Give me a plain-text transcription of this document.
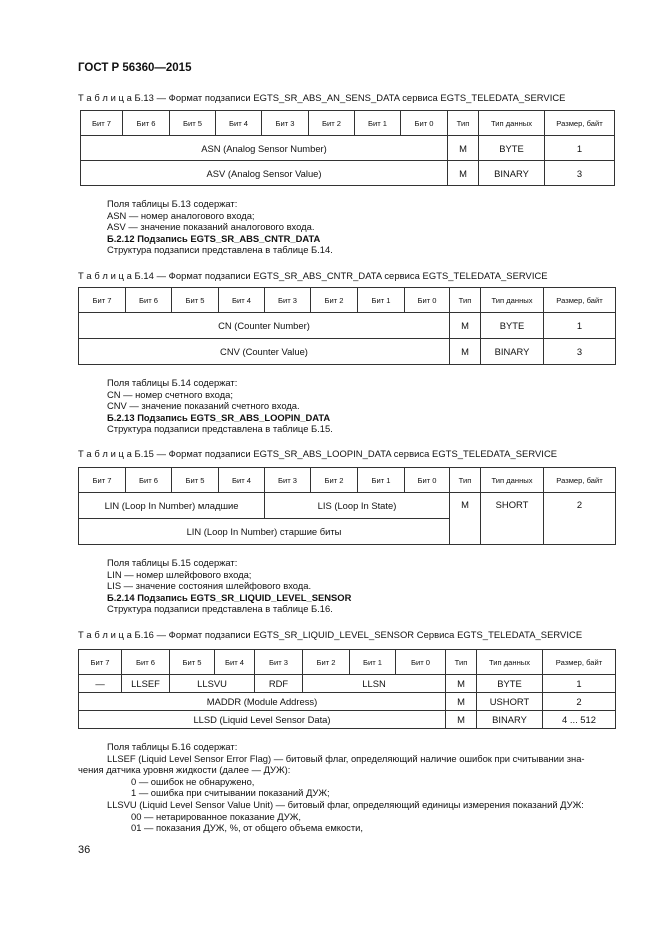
ГОСТ Р 56360—2015
Т а б л и ц а Б.13 — Формат подзаписи EGTS_SR_ABS_AN_SENS_DATA сервиса EGTS_TELEDATA_SERVICE
Бит 7	Бит 6	Бит 5	Бит 4	Бит 3	Бит 2	Бит 1	Бит 0	Тип	Тип данных	Размер, байт
ASN (Analog Sensor Number)								M	BYTE	1
ASV (Analog Sensor Value)								M	BINARY	3
Поля таблицы Б.13 содержат:
ASN — номер аналогового входа;
ASV — значение показаний аналогового входа.
Б.2.12 Подзапись EGTS_SR_ABS_CNTR_DATA
Структура подзаписи представлена в таблице Б.14.
Т а б л и ц а Б.14 — Формат подзаписи EGTS_SR_ABS_CNTR_DATA сервиса EGTS_TELEDATA_SERVICE
Бит 7	Бит 6	Бит 5	Бит 4	Бит 3	Бит 2	Бит 1	Бит 0	Тип	Тип данных	Размер, байт
CN (Counter Number)								M	BYTE	1
CNV (Counter Value)								M	BINARY	3
Поля таблицы Б.14 содержат:
CN — номер счетного входа;
CNV — значение показаний счетного входа.
Б.2.13 Подзапись EGTS_SR_ABS_LOOPIN_DATA
Структура подзаписи представлена в таблице Б.15.
Т а б л и ц а Б.15 — Формат подзаписи EGTS_SR_ABS_LOOPIN_DATA сервиса EGTS_TELEDATA_SERVICE
Бит 7	Бит 6	Бит 5	Бит 4	Бит 3	Бит 2	Бит 1	Бит 0	Тип	Тип данных	Размер, байт
LIN (Loop In Number) младшие				LIS (Loop In State)				M	SHORT	2
LIN (Loop In Number) старшие биты										
Поля таблицы Б.15 содержат:
LIN — номер шлейфового входа;
LIS — значение состояния шлейфового входа.
Б.2.14 Подзапись EGTS_SR_LIQUID_LEVEL_SENSOR
Структура подзаписи представлена в таблице Б.16.
Т а б л и ц а Б.16 — Формат подзаписи EGTS_SR_LIQUID_LEVEL_SENSOR Сервиса EGTS_TELEDATA_SERVICE
Бит 7	Бит 6	Бит 5	Бит 4	Бит 3	Бит 2	Бит 1	Бит 0	Тип	Тип данных	Размер, байт
—	LLSEF	LLSVU		RDF	LLSN			M	BYTE	1
MADDR (Module Address)								M	USHORT	2
LLSD (Liquid Level Sensor Data)								M	BINARY	4 ... 512
Поля таблицы Б.16 содержат:
LLSEF (Liquid Level Sensor Error Flag) — битовый флаг, определяющий наличие ошибок при считывании зна-
чения датчика уровня жидкости (далее — ДУЖ):
0 — ошибок не обнаружено,
1 — ошибка при считывании показаний ДУЖ;
LLSVU (Liquid Level Sensor Value Unit) — битовый флаг, определяющий единицы измерения показаний ДУЖ:
00 — нетарированное показание ДУЖ,
01 — показания ДУЖ, %, от общего объема емкости,
36
